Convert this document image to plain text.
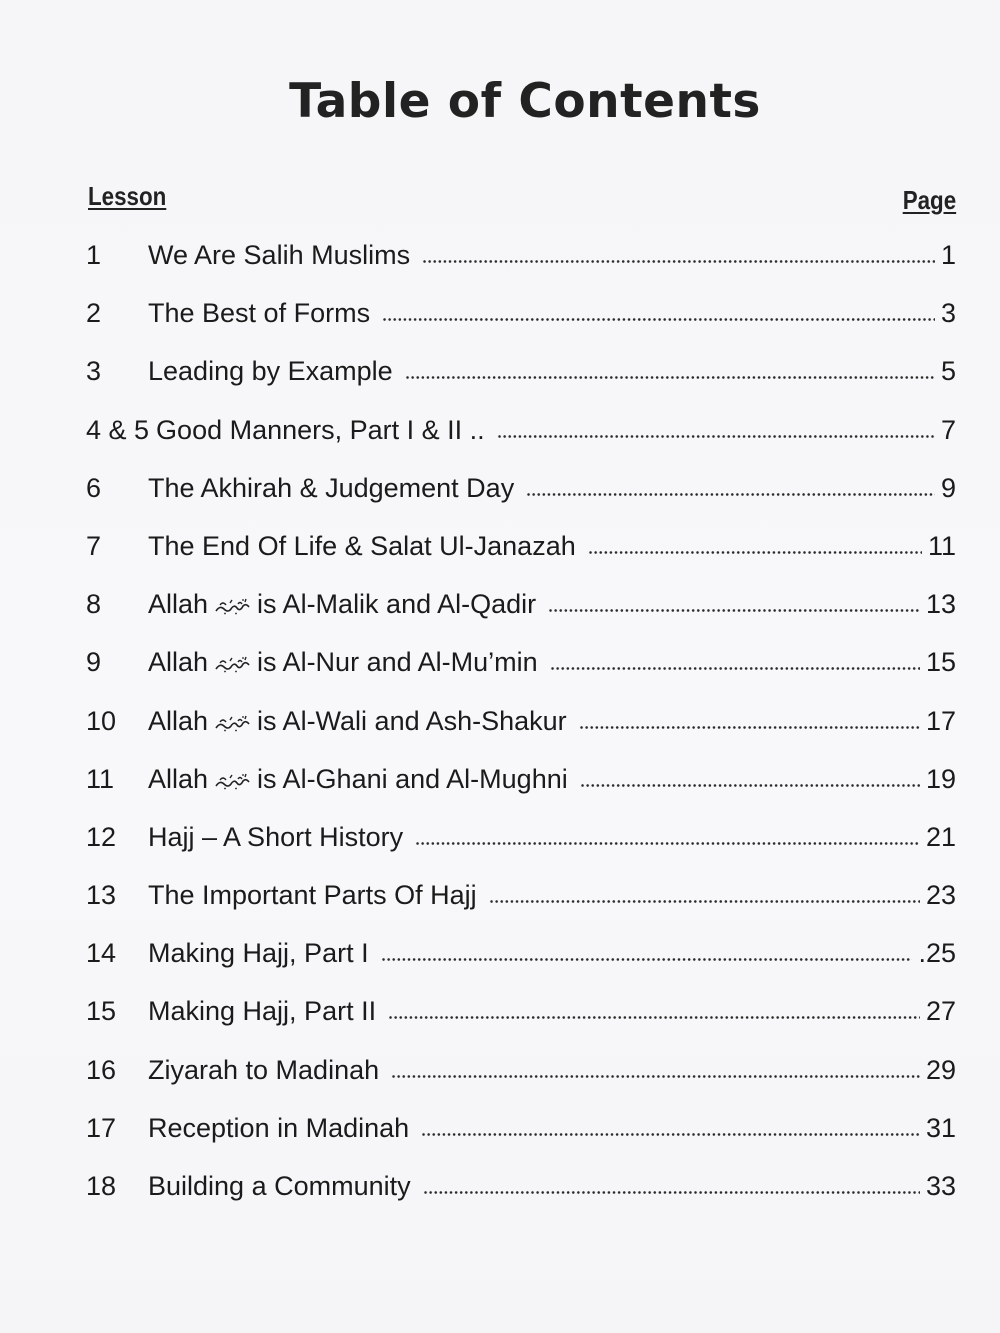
Table of Contents
Lesson	Page
1	We Are Salih Muslims	1
2	The Best of Forms	3
3	Leading by Example	5
4 & 5 Good Manners, Part I & II ..	7
6	The Akhirah & Judgement Day	9
7	The End Of Life & Salat Ul-Janazah	11
8	Allah is Al-Malik and Al-Qadir	13
9	Allah is Al-Nur and Al-Mu’min	15
10	Allah is Al-Wali and Ash-Shakur	17
11	Allah is Al-Ghani and Al-Mughni	19
12	Hajj – A Short History	21
13	The Important Parts Of Hajj	23
14	Making Hajj, Part I	.25
15	Making Hajj, Part II	27
16	Ziyarah to Madinah	29
17	Reception in Madinah	31
18	Building a Community	33
